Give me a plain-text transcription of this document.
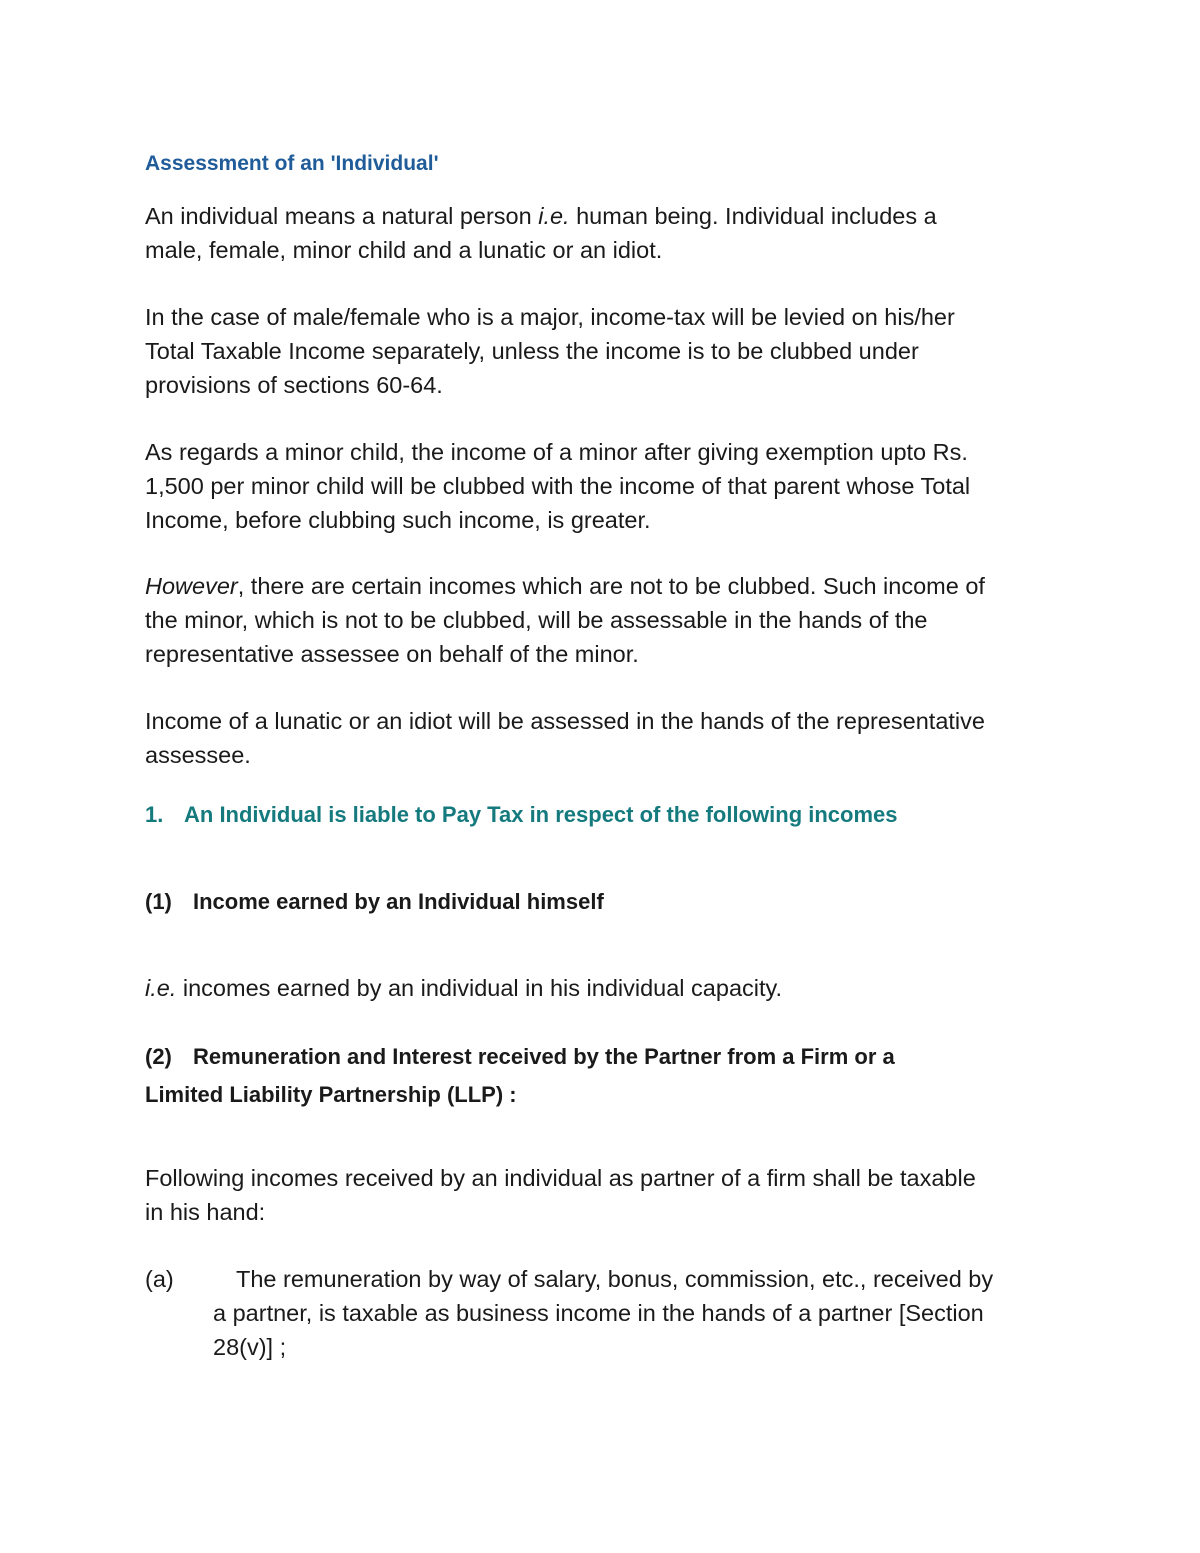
Assessment of an 'Individual'

An individual means a natural person i.e. human being. Individual includes a

male, female, minor child and a lunatic or an idiot.

In the case of male/female who is a major, income-tax will be levied on his/her

Total Taxable Income separately, unless the income is to be clubbed under

provisions of sections 60-64.

As regards a minor child, the income of a minor after giving exemption upto Rs.

1,500 per minor child will be clubbed with the income of that parent whose Total

Income, before clubbing such income, is greater.

However, there are certain incomes which are not to be clubbed. Such income of

the minor, which is not to be clubbed, will be assessable in the hands of the

representative assessee on behalf of the minor.

Income of a lunatic or an idiot will be assessed in the hands of the representative

assessee.

1. An Individual is liable to Pay Tax in respect of the following incomes

(1) Income earned by an Individual himself

i.e. incomes earned by an individual in his individual capacity.

(2) Remuneration and Interest received by the Partner from a Firm or a

Limited Liability Partnership (LLP) :

Following incomes received by an individual as partner of a firm shall be taxable

in his hand:

(a)	The remuneration by way of salary, bonus, commission, etc., received by

a partner, is taxable as business income in the hands of a partner [Section

28(v)] ;
